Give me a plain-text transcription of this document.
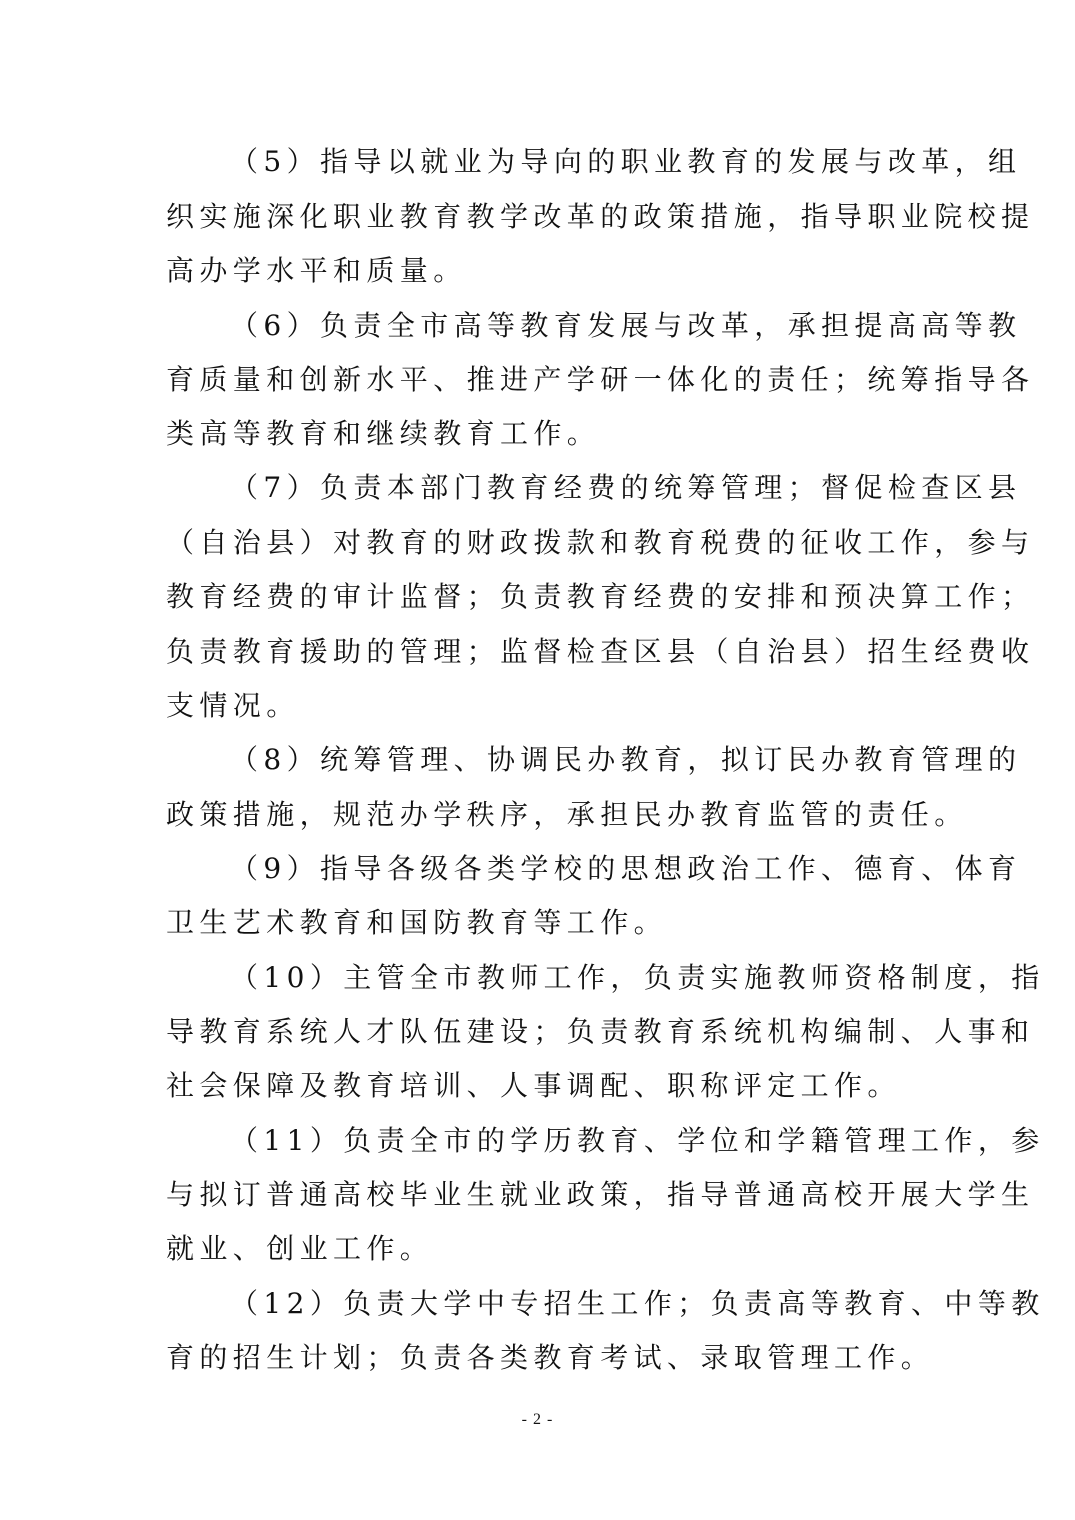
（5）指导以就业为导向的职业教育的发展与改革，组
织实施深化职业教育教学改革的政策措施，指导职业院校提
高办学水平和质量。
（6）负责全市高等教育发展与改革，承担提高高等教
育质量和创新水平、推进产学研一体化的责任；统筹指导各
类高等教育和继续教育工作。
（7）负责本部门教育经费的统筹管理；督促检查区县
（自治县）对教育的财政拨款和教育税费的征收工作，参与
教育经费的审计监督；负责教育经费的安排和预决算工作；
负责教育援助的管理；监督检查区县（自治县）招生经费收
支情况。
（8）统筹管理、协调民办教育，拟订民办教育管理的
政策措施，规范办学秩序，承担民办教育监管的责任。
（9）指导各级各类学校的思想政治工作、德育、体育
卫生艺术教育和国防教育等工作。
（10）主管全市教师工作，负责实施教师资格制度，指
导教育系统人才队伍建设；负责教育系统机构编制、人事和
社会保障及教育培训、人事调配、职称评定工作。
（11）负责全市的学历教育、学位和学籍管理工作，参
与拟订普通高校毕业生就业政策，指导普通高校开展大学生
就业、创业工作。
（12）负责大学中专招生工作；负责高等教育、中等教
育的招生计划；负责各类教育考试、录取管理工作。
- 2 -
